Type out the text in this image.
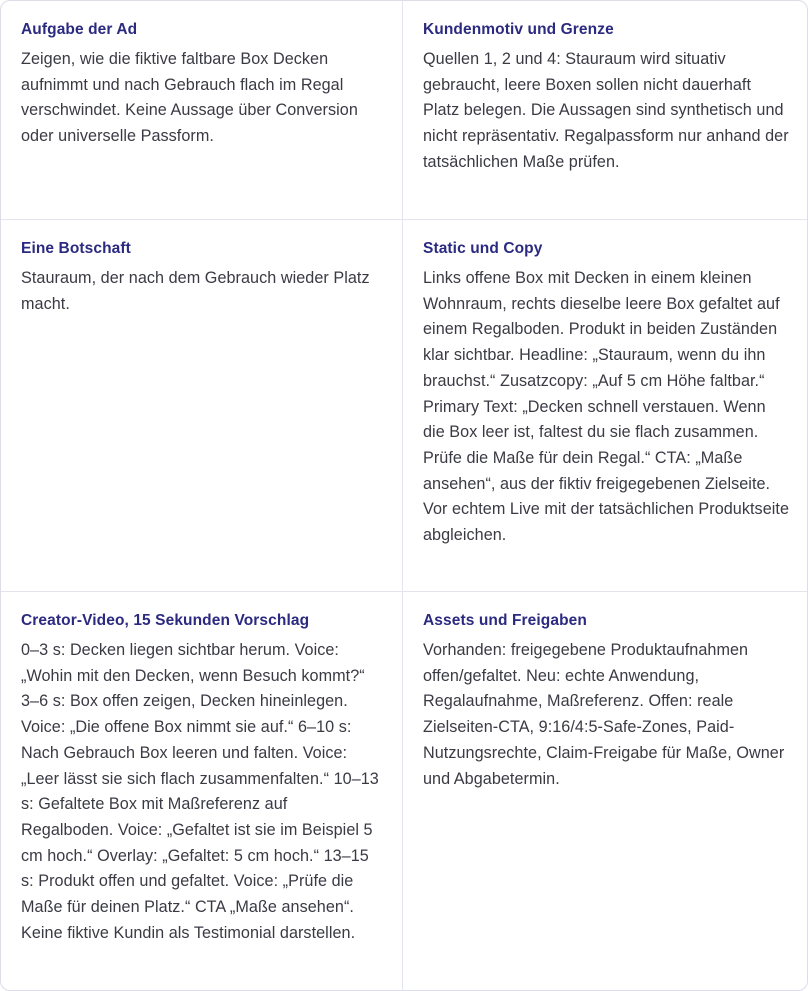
Aufgabe der Ad

Zeigen, wie die fiktive faltbare Box Decken aufnimmt und nach Gebrauch flach im Regal verschwindet. Keine Aussage über Conversion oder universelle Passform.

Kundenmotiv und Grenze

Quellen 1, 2 und 4: Stauraum wird situativ gebraucht, leere Boxen sollen nicht dauerhaft Platz belegen. Die Aussagen sind synthetisch und nicht repräsentativ. Regalpassform nur anhand der tatsächlichen Maße prüfen.

Eine Botschaft

Stauraum, der nach dem Gebrauch wieder Platz macht.

Static und Copy

Links offene Box mit Decken in einem kleinen Wohnraum, rechts dieselbe leere Box gefaltet auf einem Regalboden. Produkt in beiden Zuständen klar sichtbar. Headline: „Stauraum, wenn du ihn brauchst.“ Zusatzcopy: „Auf 5 cm Höhe faltbar.“ Primary Text: „Decken schnell verstauen. Wenn die Box leer ist, faltest du sie flach zusammen. Prüfe die Maße für dein Regal.“ CTA: „Maße ansehen“, aus der fiktiv freigegebenen Zielseite. Vor echtem Live mit der tatsächlichen Produktseite abgleichen.

Creator-Video, 15 Sekunden Vorschlag

0–3 s: Decken liegen sichtbar herum. Voice: „Wohin mit den Decken, wenn Besuch kommt?“ 3–6 s: Box offen zeigen, Decken hineinlegen. Voice: „Die offene Box nimmt sie auf.“ 6–10 s: Nach Gebrauch Box leeren und falten. Voice: „Leer lässt sie sich flach zusammenfalten.“ 10–13 s: Gefaltete Box mit Maßreferenz auf Regalboden. Voice: „Gefaltet ist sie im Beispiel 5 cm hoch.“ Overlay: „Gefaltet: 5 cm hoch.“ 13–15 s: Produkt offen und gefaltet. Voice: „Prüfe die Maße für deinen Platz.“ CTA „Maße ansehen“. Keine fiktive Kundin als Testimonial darstellen.

Assets und Freigaben

Vorhanden: freigegebene Produktaufnahmen offen/gefaltet. Neu: echte Anwendung, Regalaufnahme, Maßreferenz. Offen: reale Zielseiten-CTA, 9:16/4:5-Safe-Zones, Paid-Nutzungsrechte, Claim-Freigabe für Maße, Owner und Abgabetermin.
